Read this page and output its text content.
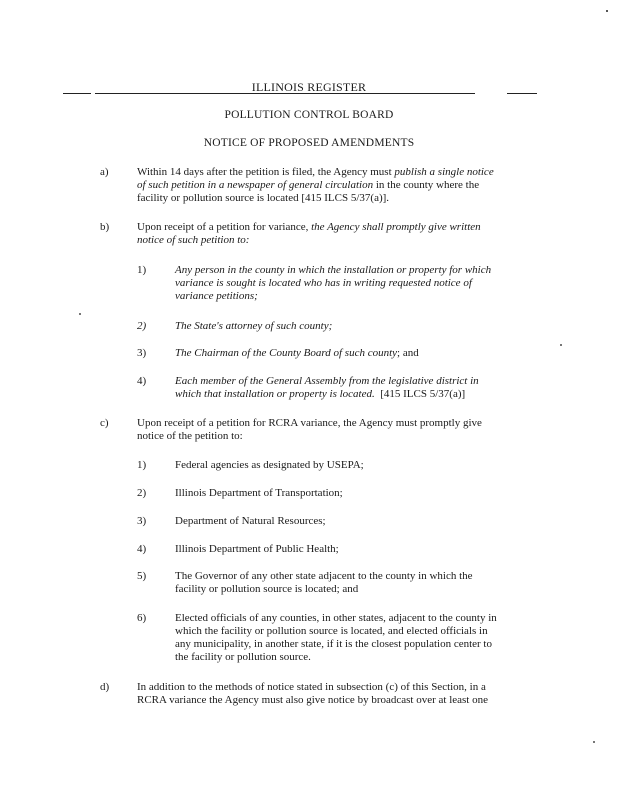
ILLINOIS REGISTER
POLLUTION CONTROL BOARD
NOTICE OF PROPOSED AMENDMENTS
a)	Within 14 days after the petition is filed, the Agency must publish a single notice
of such petition in a newspaper of general circulation in the county where the
facility or pollution source is located [415 ILCS 5/37(a)].
b)	Upon receipt of a petition for variance, the Agency shall promptly give written
notice of such petition to:
1)	Any person in the county in which the installation or property for which
variance is sought is located who has in writing requested notice of
variance petitions;
2)	The State's attorney of such county;
3)	The Chairman of the County Board of such county; and
4)	Each member of the General Assembly from the legislative district in
which that installation or property is located.  [415 ILCS 5/37(a)]
c)	Upon receipt of a petition for RCRA variance, the Agency must promptly give
notice of the petition to:
1)	Federal agencies as designated by USEPA;
2)	Illinois Department of Transportation;
3)	Department of Natural Resources;
4)	Illinois Department of Public Health;
5)	The Governor of any other state adjacent to the county in which the
facility or pollution source is located; and
6)	Elected officials of any counties, in other states, adjacent to the county in
which the facility or pollution source is located, and elected officials in
any municipality, in another state, if it is the closest population center to
the facility or pollution source.
d)	In addition to the methods of notice stated in subsection (c) of this Section, in a
RCRA variance the Agency must also give notice by broadcast over at least one
